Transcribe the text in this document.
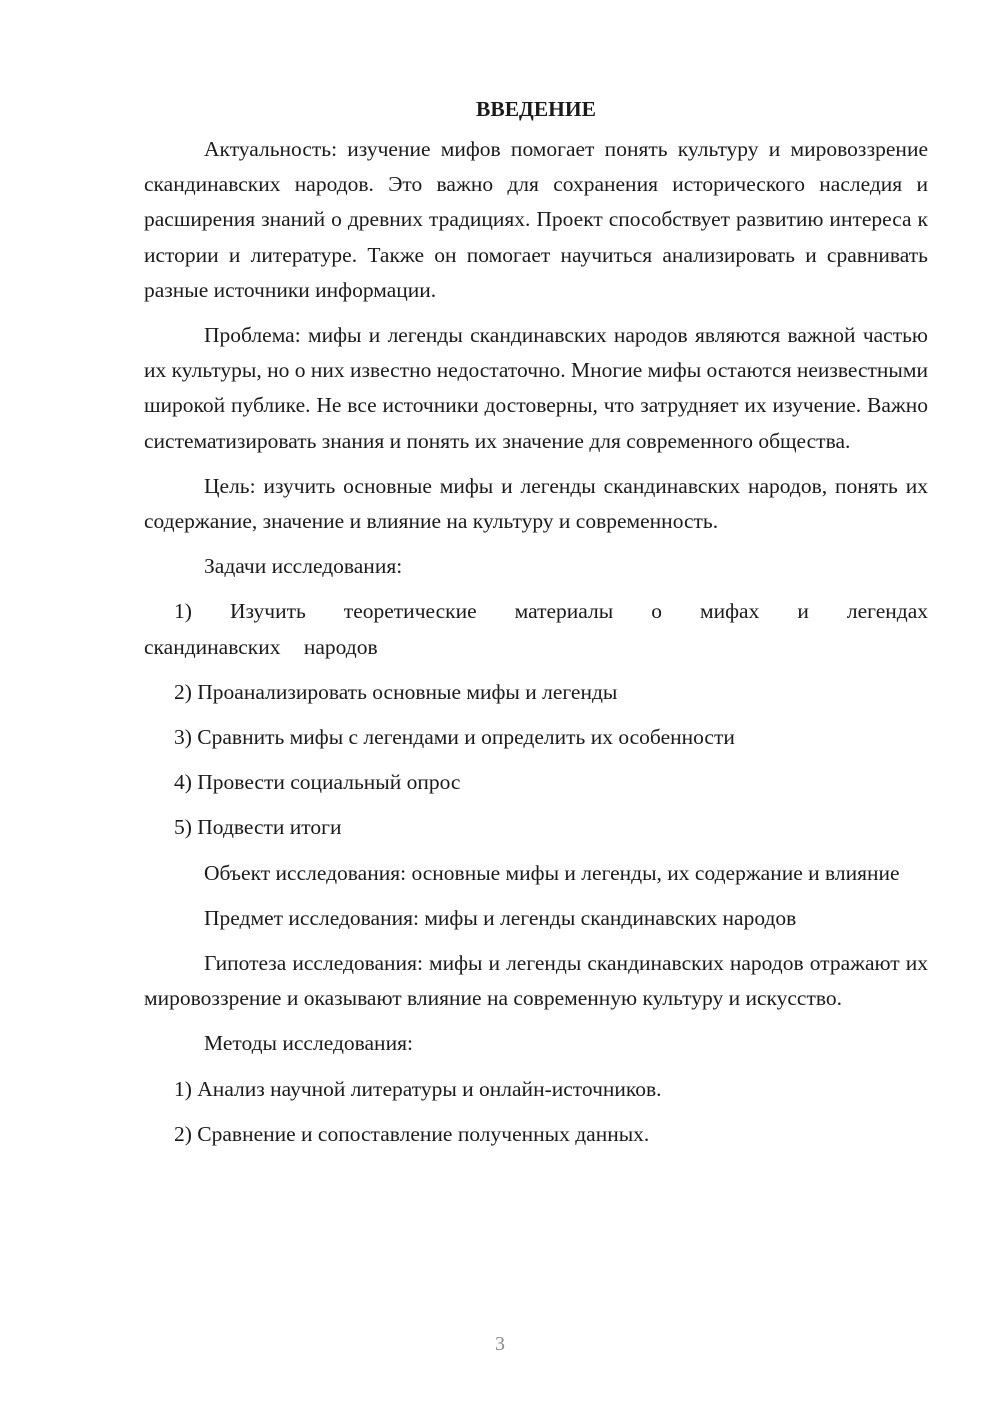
ВВЕДЕНИЕ

Актуальность: изучение мифов помогает понять культуру и мировоззрение скандинавских народов. Это важно для сохранения исторического наследия и расширения знаний о древних традициях. Проект способствует развитию интереса к истории и литературе. Также он помогает научиться анализировать и сравнивать разные источники информации.

Проблема: мифы и легенды скандинавских народов являются важной частью их культуры, но о них известно недостаточно. Многие мифы остаются неизвестными широкой публике. Не все источники достоверны, что затрудняет их изучение. Важно систематизировать знания и понять их значение для современного общества.

Цель: изучить основные мифы и легенды скандинавских народов, понять их содержание, значение и влияние на культуру и современность.

Задачи исследования:

1) Изучить теоретические материалы о мифах и легендах скандинавских народов

2) Проанализировать основные мифы и легенды

3) Сравнить мифы с легендами и определить их особенности

4) Провести социальный опрос

5) Подвести итоги

Объект исследования: основные мифы и легенды, их содержание и влияние

Предмет исследования: мифы и легенды скандинавских народов

Гипотеза исследования: мифы и легенды скандинавских народов отражают их мировоззрение и оказывают влияние на современную культуру и искусство.

Методы исследования:

1) Анализ научной литературы и онлайн-источников.

2) Сравнение и сопоставление полученных данных.

3
